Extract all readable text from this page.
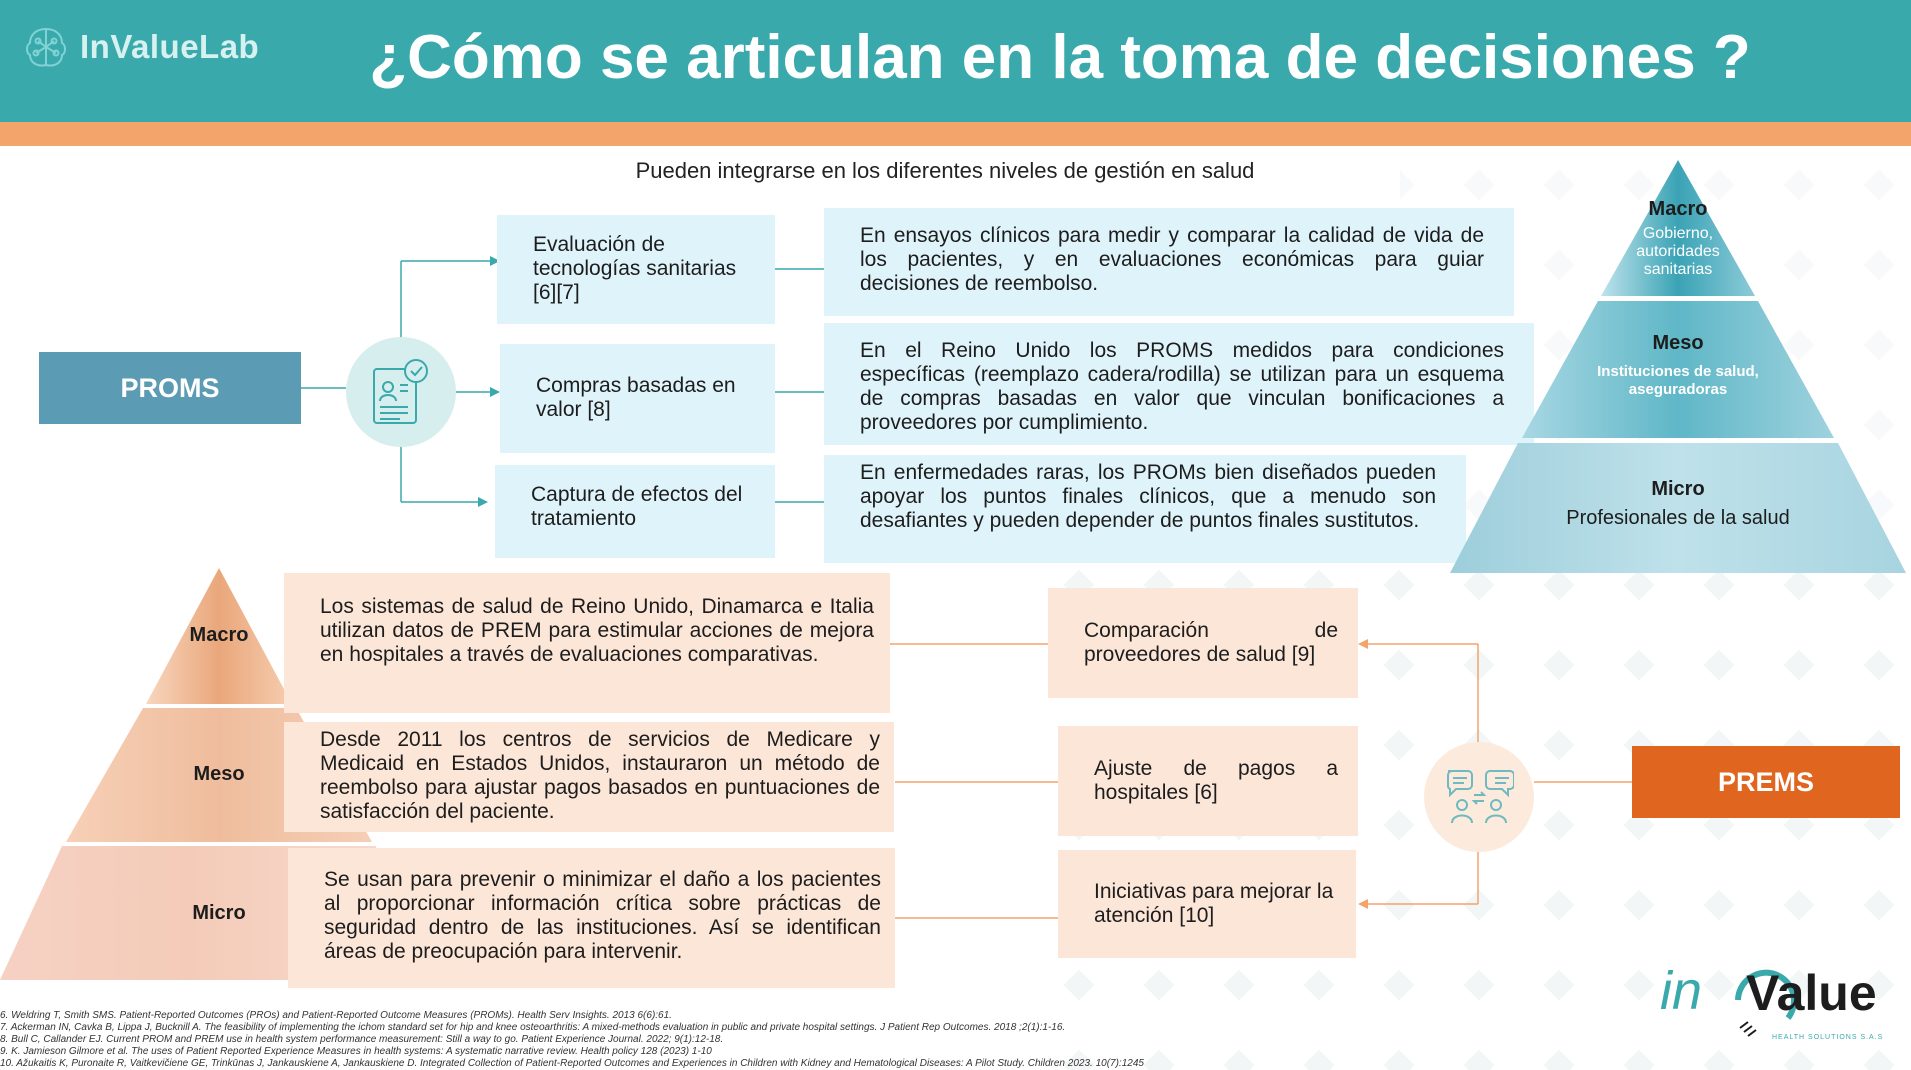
InValueLab	¿Cómo se articulan en la toma de decisiones ?
Pueden integrarse en los diferentes niveles de gestión en salud
PROMS
Evaluación de tecnologías sanitarias [6][7]
En ensayos clínicos para medir y comparar la calidad de vida de los pacientes, y en evaluaciones económicas para guiar decisiones de reembolso.
Compras basadas en valor [8]
En el Reino Unido los PROMS medidos para condiciones específicas (reemplazo cadera/rodilla) se utilizan para un esquema de compras basadas en valor que vinculan bonificaciones a proveedores por cumplimiento.
Captura de efectos del tratamiento
En enfermedades raras, los PROMs bien diseñados pueden apoyar los puntos finales clínicos, que a menudo son desafiantes y pueden depender de puntos finales sustitutos.
Macro
Gobierno, autoridades sanitarias
Meso
Instituciones de salud, aseguradoras
Micro
Profesionales de la salud
Macro
Meso
Micro
Los sistemas de salud de Reino Unido, Dinamarca e Italia utilizan datos de PREM para estimular acciones de mejora en hospitales a través de evaluaciones comparativas.
Desde 2011 los centros de servicios de Medicare y Medicaid en Estados Unidos, instauraron un método de reembolso para ajustar pagos basados en puntuaciones de satisfacción del paciente.
Se usan para prevenir o minimizar el daño a los pacientes al proporcionar información crítica sobre prácticas de seguridad dentro de las instituciones. Así se identifican áreas de preocupación para intervenir.
Comparación de proveedores de salud [9]
Ajuste de pagos a hospitales [6]
Iniciativas para mejorar la atención [10]
PREMS
6. Weldring T, Smith SMS. Patient-Reported Outcomes (PROs) and Patient-Reported Outcome Measures (PROMs). Health Serv Insights. 2013 6(6):61.
7. Ackerman IN, Cavka B, Lippa J, Bucknill A. The feasibility of implementing the ichom standard set for hip and knee osteoarthritis: A mixed-methods evaluation in public and private hospital settings. J Patient Rep Outcomes. 2018 ;2(1):1-16.
8. Bull C, Callander EJ. Current PROM and PREM use in health system performance measurement: Still a way to go. Patient Experience Journal. 2022; 9(1):12-18.
9. K. Jamieson Gilmore et al. The uses of Patient Reported Experience Measures in health systems: A systematic narrative review. Health policy 128 (2023) 1-10
10. Ažukaitis K, Puronaite R, Vaitkevičiene GE, Trinkūnas J, Jankauskiene A, Jankauskiene D. Integrated Collection of Patient-Reported Outcomes and Experiences in Children with Kidney and Hematological Diseases: A Pilot Study. Children 2023. 10(7):1245
in Value
HEALTH SOLUTIONS S.A.S
